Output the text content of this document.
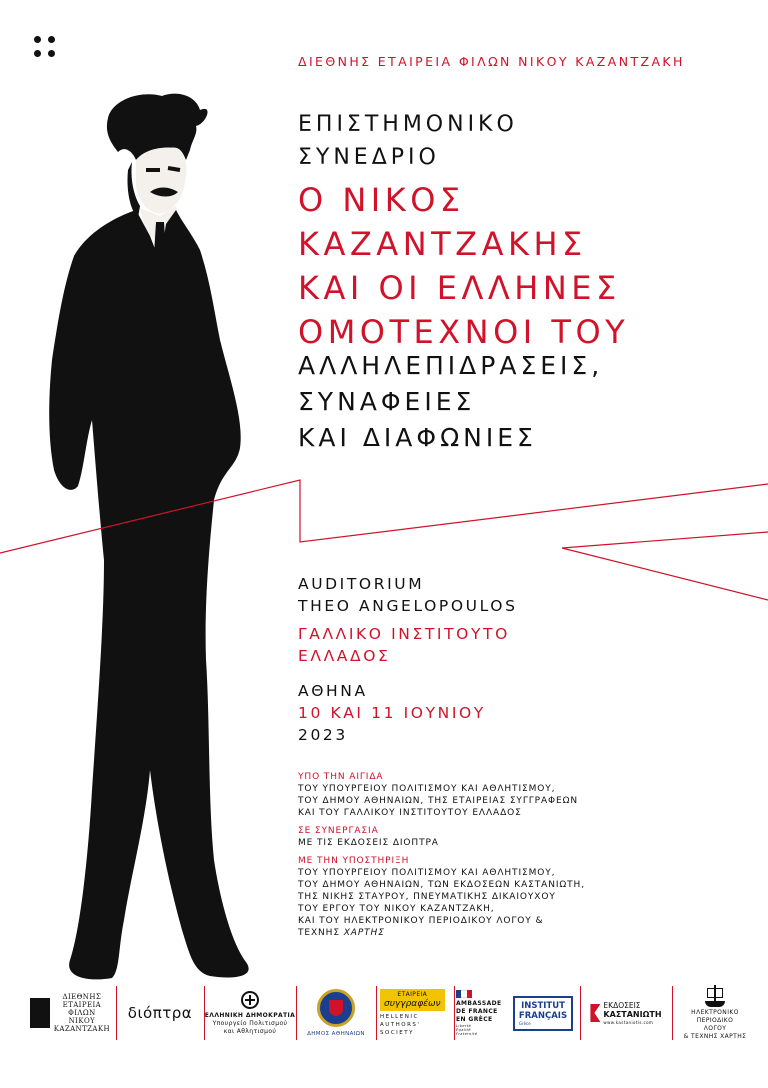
ΔΙΕΘΝΗΣ ΕΤΑΙΡΕΙΑ ΦΙΛΩΝ ΝΙΚΟΥ ΚΑΖΑΝΤΖΑΚΗ
ΕΠΙΣΤΗΜΟΝΙΚΟ
ΣΥΝΕΔΡΙΟ
Ο ΝΙΚΟΣ
ΚΑΖΑΝΤΖΑΚΗΣ
ΚΑΙ ΟΙ ΕΛΛΗΝΕΣ
ΟΜΟΤΕΧΝΟΙ ΤΟΥ
ΑΛΛΗΛΕΠΙΔΡΑΣΕΙΣ,
ΣΥΝΑΦΕΙΕΣ
ΚΑΙ ΔΙΑΦΩΝΙΕΣ
AUDITORIUM
THEO ANGELOPOULOS
ΓΑΛΛΙΚΟ ΙΝΣΤΙΤΟΥΤΟ
ΕΛΛΑΔΟΣ
ΑΘΗΝΑ
10 ΚΑΙ 11 ΙΟΥΝΙΟΥ
2023

ΥΠΟ ΤΗΝ ΑΙΓΙΔΑ

ΤΟΥ ΥΠΟΥΡΓΕΙΟΥ ΠΟΛΙΤΙΣΜΟΥ ΚΑΙ ΑΘΛΗΤΙΣΜΟΥ,

ΤΟΥ ΔΗΜΟΥ ΑΘΗΝΑΙΩΝ, ΤΗΣ ΕΤΑΙΡΕΙΑΣ ΣΥΓΓΡΑΦΕΩΝ

ΚΑΙ ΤΟΥ ΓΑΛΛΙΚΟΥ ΙΝΣΤΙΤΟΥΤΟΥ ΕΛΛΑΔΟΣ

ΣΕ ΣΥΝΕΡΓΑΣΙΑ

ΜΕ ΤΙΣ ΕΚΔΟΣΕΙΣ ΔΙΟΠΤΡΑ

ΜΕ ΤΗΝ ΥΠΟΣΤΗΡΙΞΗ

ΤΟΥ ΥΠΟΥΡΓΕΙΟΥ ΠΟΛΙΤΙΣΜΟΥ ΚΑΙ ΑΘΛΗΤΙΣΜΟΥ,

ΤΟΥ ΔΗΜΟΥ ΑΘΗΝΑΙΩΝ, ΤΩΝ ΕΚΔΟΣΕΩΝ ΚΑΣΤΑΝΙΩΤΗ,

ΤΗΣ ΝΙΚΗΣ ΣΤΑΥΡΟΥ, ΠΝΕΥΜΑΤΙΚΗΣ ΔΙΚΑΙΟΥΧΟΥ

ΤΟΥ ΕΡΓΟΥ ΤΟΥ ΝΙΚΟΥ ΚΑΖΑΝΤΖΑΚΗ,

ΚΑΙ ΤΟΥ ΗΛΕΚΤΡΟΝΙΚΟΥ ΠΕΡΙΟΔΙΚΟΥ ΛΟΓΟΥ &

ΤΕΧΝΗΣ ΧΑΡΤΗΣ

ΔΙΕΘΝΗΣ
ΕΤΑΙΡΕΙΑ
ΦΙΛΩΝ
ΝΙΚΟΥ
ΚΑΖΑΝΤΖΑΚΗ
διόπτρα ΕΛΛΗΝΙΚΗ ΔΗΜΟΚΡΑΤΙΑ
Υπουργείο Πολιτισμού
και Αθλητισμού	ΔΗΜΟΣ ΑΘΗΝΑΙΩΝ
ΕΤΑΙΡΕΙΑ
συγγραφέων
HELLENIC
AUTHORS'
SOCIETY
AMBASSADE
DE FRANCE
EN GRÈCE
Liberté
Égalité
Fraternité
INSTITUT
FRANÇAIS
Grèce
ΕΚΔΟΣΕΙΣ
ΚΑΣΤΑΝΙΩΤΗ
www.kastaniotis.com
ΗΛΕΚΤΡΟΝΙΚΟ
ΠΕΡΙΟΔΙΚΟ
ΛΟΓΟΥ
& ΤΕΧΝΗΣ ΧΑΡΤΗΣ
